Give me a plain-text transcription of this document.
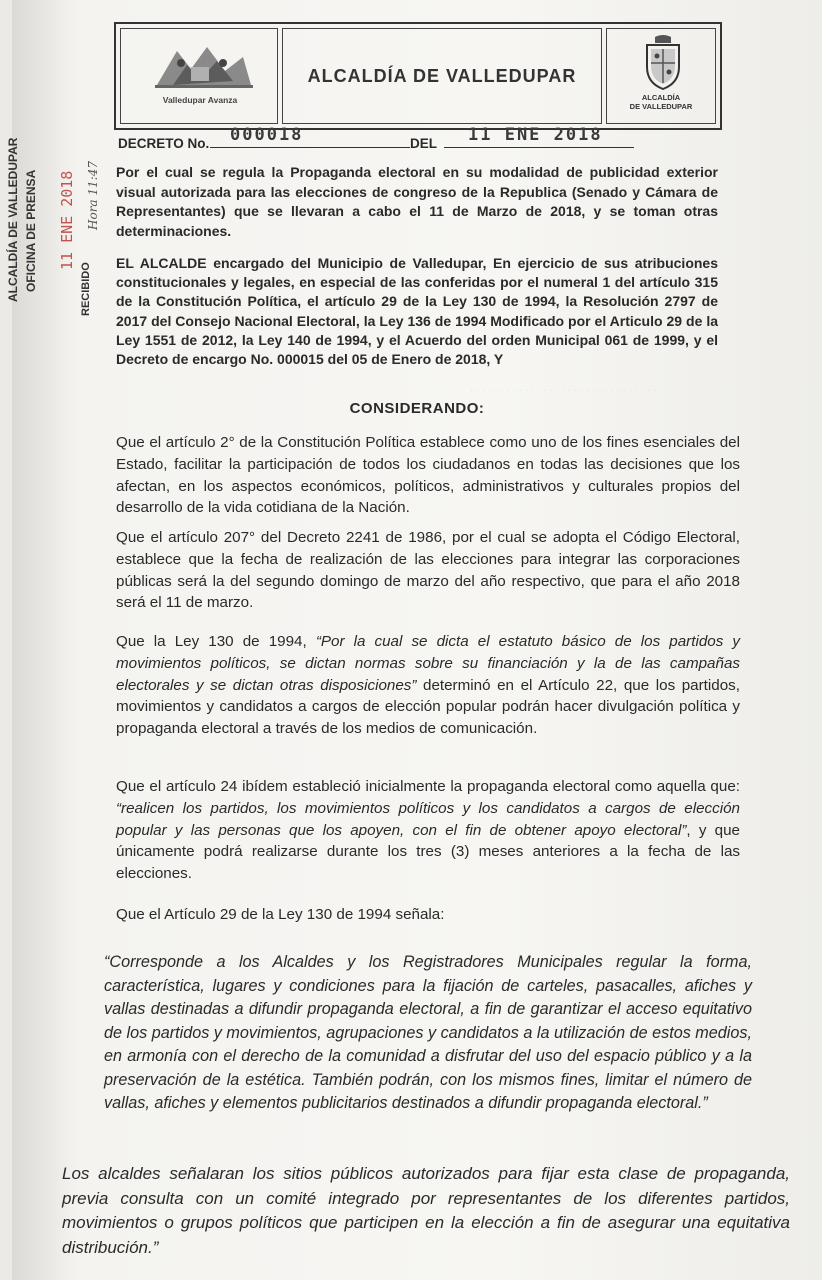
. . . . . . . . . . . . . . . . . . . . . . . . . . . . . . .
Valledupar Avanza
ALCALDÍA DE VALLEDUPAR
ALCALDÍA
DE VALLEDUPAR
DECRETO No. 000018	DEL 11 ENE 2018
ALCALDÍA DE VALLEDUPAR OFICINA DE PRENSA 11 ENE 2018
RECIBIDO
Hora 11:47 Por el cual se regula la Propaganda electoral en su modalidad de publicidad exterior visual autorizada para las elecciones de congreso de la Republica (Senado y Cámara de Representantes) que se llevaran a cabo el 11 de Marzo de 2018, y se toman otras determinaciones.

EL ALCALDE encargado del Municipio de Valledupar, En ejercicio de sus atribuciones constitucionales y legales, en especial de las conferidas por el numeral 1 del artículo 315 de la Constitución Política, el artículo 29 de la Ley 130 de 1994, la Resolución 2797 de 2017 del Consejo Nacional Electoral, la Ley 136 de 1994 Modificado por el Articulo 29 de la Ley 1551 de 2012, la Ley 140 de 1994, y el Acuerdo del orden Municipal 061 de 1999, y el Decreto de encargo No. 000015 del 05 de Enero de 2018, Y

CONSIDERANDO:

Que el artículo 2° de la Constitución Política establece como uno de los fines esenciales del Estado, facilitar la participación de todos los ciudadanos en todas las decisiones que los afectan, en los aspectos económicos, políticos, administrativos y culturales propios del desarrollo de la vida cotidiana de la Nación.

Que el artículo 207° del Decreto 2241 de 1986, por el cual se adopta el Código Electoral, establece que la fecha de realización de las elecciones para integrar las corporaciones públicas será la del segundo domingo de marzo del año respectivo, que para el año 2018 será el 11 de marzo.

Que la Ley 130 de 1994, “Por la cual se dicta el estatuto básico de los partidos y movimientos políticos, se dictan normas sobre su financiación y la de las campañas electorales y se dictan otras disposiciones” determinó en el Artículo 22, que los partidos, movimientos y candidatos a cargos de elección popular podrán hacer divulgación política y propaganda electoral a través de los medios de comunicación.

Que el artículo 24 ibídem estableció inicialmente la propaganda electoral como aquella que: “realicen los partidos, los movimientos políticos y los candidatos a cargos de elección popular y las personas que los apoyen, con el fin de obtener apoyo electoral”, y que únicamente podrá realizarse durante los tres (3) meses anteriores a la fecha de las elecciones.

Que el Artículo 29 de la Ley 130 de 1994 señala:

“Corresponde a los Alcaldes y los Registradores Municipales regular la forma, característica, lugares y condiciones para la fijación de carteles, pasacalles, afiches y vallas destinadas a difundir propaganda electoral, a fin de garantizar el acceso equitativo de los partidos y movimientos, agrupaciones y candidatos a la utilización de estos medios, en armonía con el derecho de la comunidad a disfrutar del uso del espacio público y a la preservación de la estética. También podrán, con los mismos fines, limitar el número de vallas, afiches y elementos publicitarios destinados a difundir propaganda electoral.”

Los alcaldes señalaran los sitios públicos autorizados para fijar esta clase de propaganda, previa consulta con un comité integrado por representantes de los diferentes partidos, movimientos o grupos políticos que participen en la elección a fin de asegurar una equitativa distribución.”
